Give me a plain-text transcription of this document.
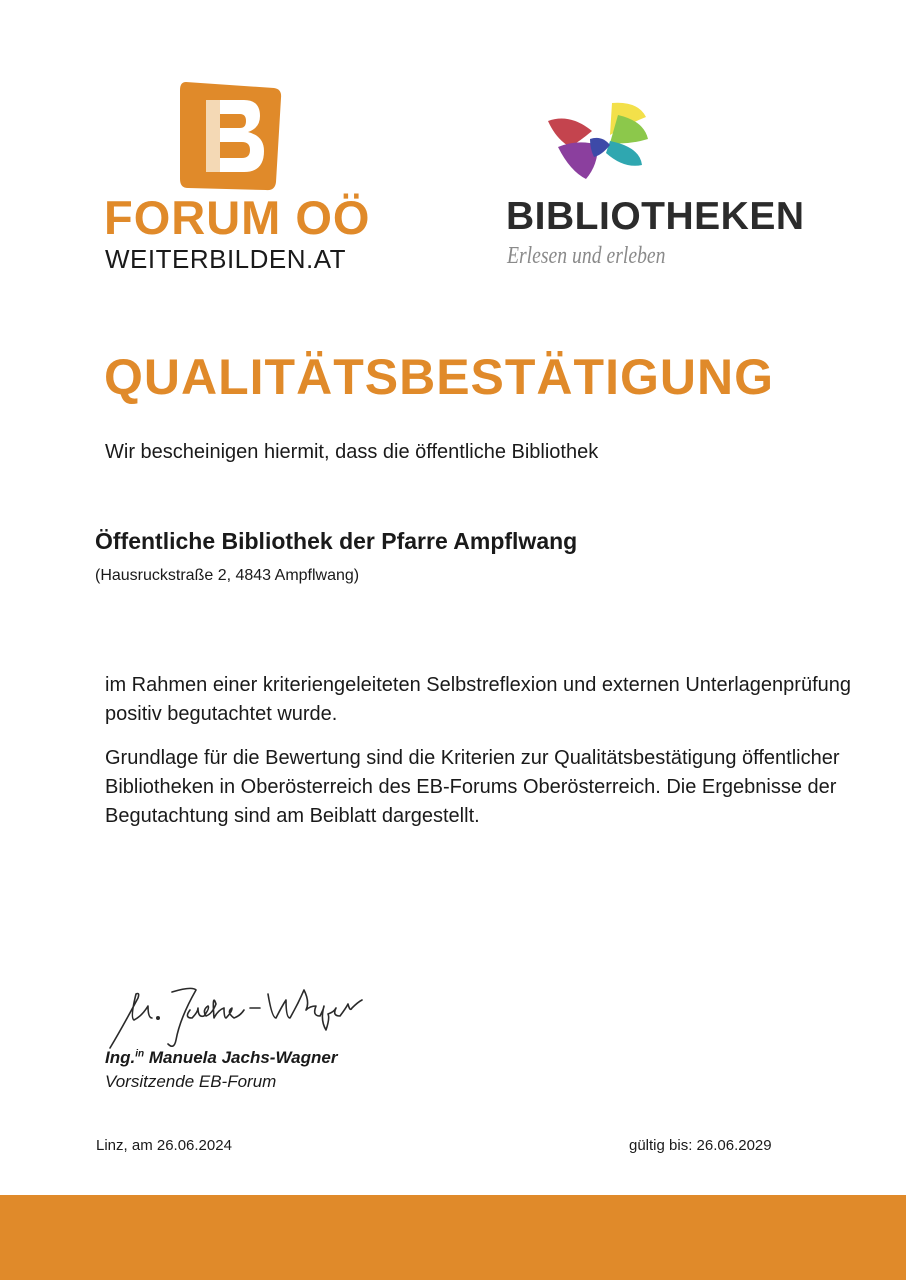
FORUM OÖ
WEITERBILDEN.AT
BIBLIOTHEKEN
Erlesen und erleben
QUALITÄTSBESTÄTIGUNG
Wir bescheinigen hiermit, dass die öffentliche Bibliothek
Öffentliche Bibliothek der Pfarre Ampflwang
(Hausruckstraße 2, 4843 Ampflwang)
im Rahmen einer kriteriengeleiteten Selbstreflexion und externen Unterlagenprüfung positiv begutachtet wurde.
Grundlage für die Bewertung sind die Kriterien zur Qualitätsbestätigung öffentlicher Bibliotheken in Oberösterreich des EB-Forums Oberösterreich. Die Ergebnisse der Begutachtung sind am Beiblatt dargestellt.
Ing.$^{in}$ Manuela Jachs-Wagner
Vorsitzende EB-Forum
Linz, am 26.06.2024	gültig bis: 26.06.2029
